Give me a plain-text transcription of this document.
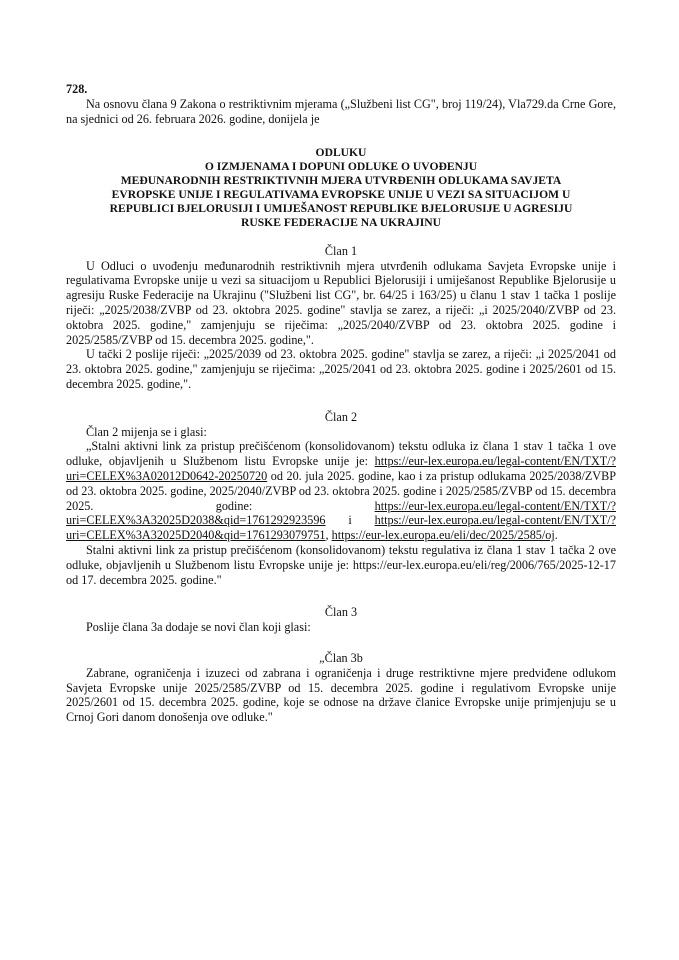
728.

Na osnovu člana 9 Zakona o restriktivnim mjerama („Službeni list CG", broj 119/24), Vla729.da Crne Gore, na sjednici od 26. februara 2026. godine, donijela je

ODLUKU
O IZMJENAMA I DOPUNI ODLUKE O UVOĐENJU
MEĐUNARODNIH RESTRIKTIVNIH MJERA UTVRĐENIH ODLUKAMA SAVJETA
EVROPSKE UNIJE I REGULATIVAMA EVROPSKE UNIJE U VEZI SA SITUACIJOM U
REPUBLICI BJELORUSIJI I UMIJEŠANOST REPUBLIKE BJELORUSIJE U AGRESIJU
RUSKE FEDERACIJE NA UKRAJINU

Član 1

U Odluci o uvođenju međunarodnih restriktivnih mjera utvrđenih odlukama Savjeta Evropske unije i regulativama Evropske unije u vezi sa situacijom u Republici Bjelorusiji i umiješanost Republike Bjelorusije u agresiju Ruske Federacije na Ukrajinu ("Službeni list CG", br. 64/25 i 163/25) u članu 1 stav 1 tačka 1 poslije riječi: „2025/2038/ZVBP od 23. oktobra 2025. godine" stavlja se zarez, a riječi: „i 2025/2040/ZVBP od 23. oktobra 2025. godine," zamjenjuju se riječima: „2025/2040/ZVBP od 23. oktobra 2025. godine i 2025/2585/ZVBP od 15. decembra 2025. godine,".

U tački 2 poslije riječi: „2025/2039 od 23. oktobra 2025. godine" stavlja se zarez, a riječi: „i 2025/2041 od 23. oktobra 2025. godine," zamjenjuju se riječima: „2025/2041 od 23. oktobra 2025. godine i 2025/2601 od 15. decembra 2025. godine,".

Član 2

Član 2 mijenja se i glasi:

„Stalni aktivni link za pristup prečišćenom (konsolidovanom) tekstu odluka iz člana 1 stav 1 tačka 1 ove odluke, objavljenih u Službenom listu Evropske unije je: https://eur-lex.europa.eu/legal-content/EN/TXT/?uri=CELEX%3A02012D0642-20250720 od 20. jula 2025. godine, kao i za pristup odlukama 2025/2038/ZVBP od 23. oktobra 2025. godine, 2025/2040/ZVBP od 23. oktobra 2025. godine i 2025/2585/ZVBP od 15. decembra 2025. godine: https://eur-lex.europa.eu/legal-content/EN/TXT/?uri=CELEX%3A32025D2038&qid=1761292923596 i https://eur-lex.europa.eu/legal-content/EN/TXT/?uri=CELEX%3A32025D2040&qid=1761293079751, https://eur-lex.europa.eu/eli/dec/2025/2585/oj.

Stalni aktivni link za pristup prečišćenom (konsolidovanom) tekstu regulativa iz člana 1 stav 1 tačka 2 ove odluke, objavljenih u Službenom listu Evropske unije je: https://eur-lex.europa.eu/eli/reg/2006/765/2025-12-17 od 17. decembra 2025. godine."

Član 3

Poslije člana 3a dodaje se novi član koji glasi:

„Član 3b

Zabrane, ograničenja i izuzeci od zabrana i ograničenja i druge restriktivne mjere predviđene odlukom Savjeta Evropske unije 2025/2585/ZVBP od 15. decembra 2025. godine i regulativom Evropske unije 2025/2601 od 15. decembra 2025. godine, koje se odnose na države članice Evropske unije primjenjuju se u Crnoj Gori danom donošenja ove odluke."
